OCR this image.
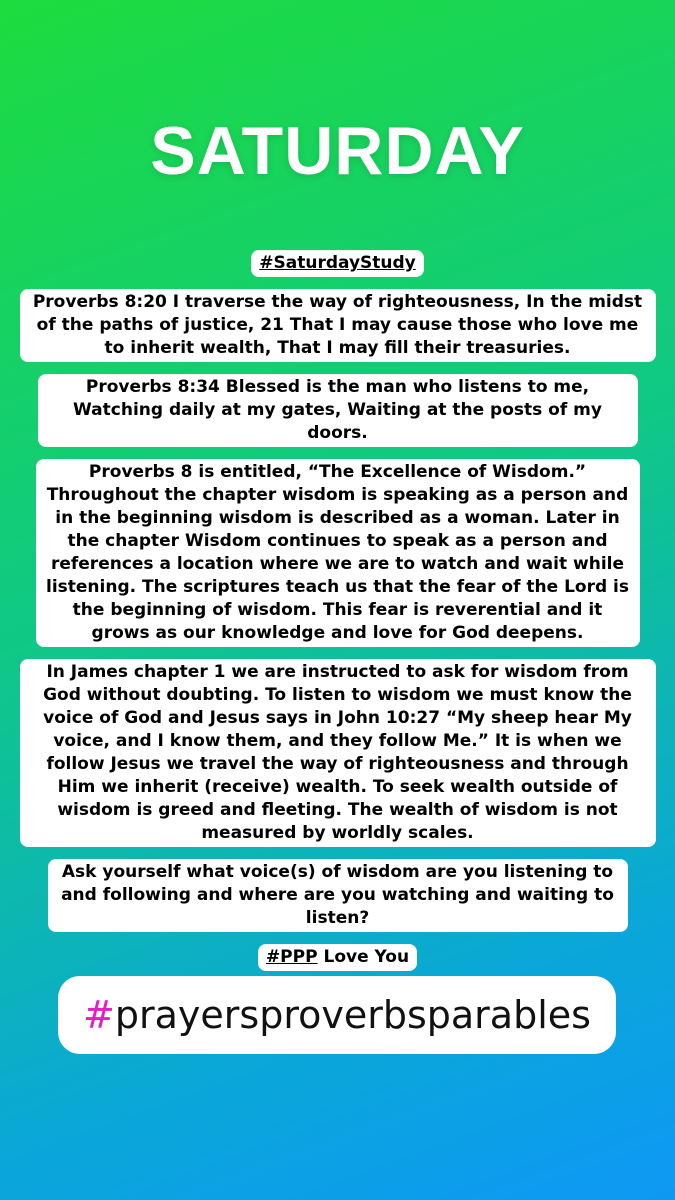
SATURDAY
#SaturdayStudy
Proverbs 8:20 I traverse the way of righteousness, In the midst of the paths of justice, 21 That I may cause those who love me to inherit wealth, That I may fill their treasuries.
Proverbs 8:34 Blessed is the man who listens to me, Watching daily at my gates, Waiting at the posts of my doors.
Proverbs 8 is entitled, “The Excellence of Wisdom.” Throughout the chapter wisdom is speaking as a person and in the beginning wisdom is described as a woman. Later in the chapter Wisdom continues to speak as a person and references a location where we are to watch and wait while listening. The scriptures teach us that the fear of the Lord is the beginning of wisdom. This fear is reverential and it grows as our knowledge and love for God deepens.
In James chapter 1 we are instructed to ask for wisdom from God without doubting. To listen to wisdom we must know the voice of God and Jesus says in John 10:27 “My sheep hear My voice, and I know them, and they follow Me.” It is when we follow Jesus we travel the way of righteousness and through Him we inherit (receive) wealth. To seek wealth outside of wisdom is greed and fleeting. The wealth of wisdom is not measured by worldly scales.
Ask yourself what voice(s) of wisdom are you listening to and following and where are you watching and waiting to listen?
#PPP Love You
# prayersproverbsparables
